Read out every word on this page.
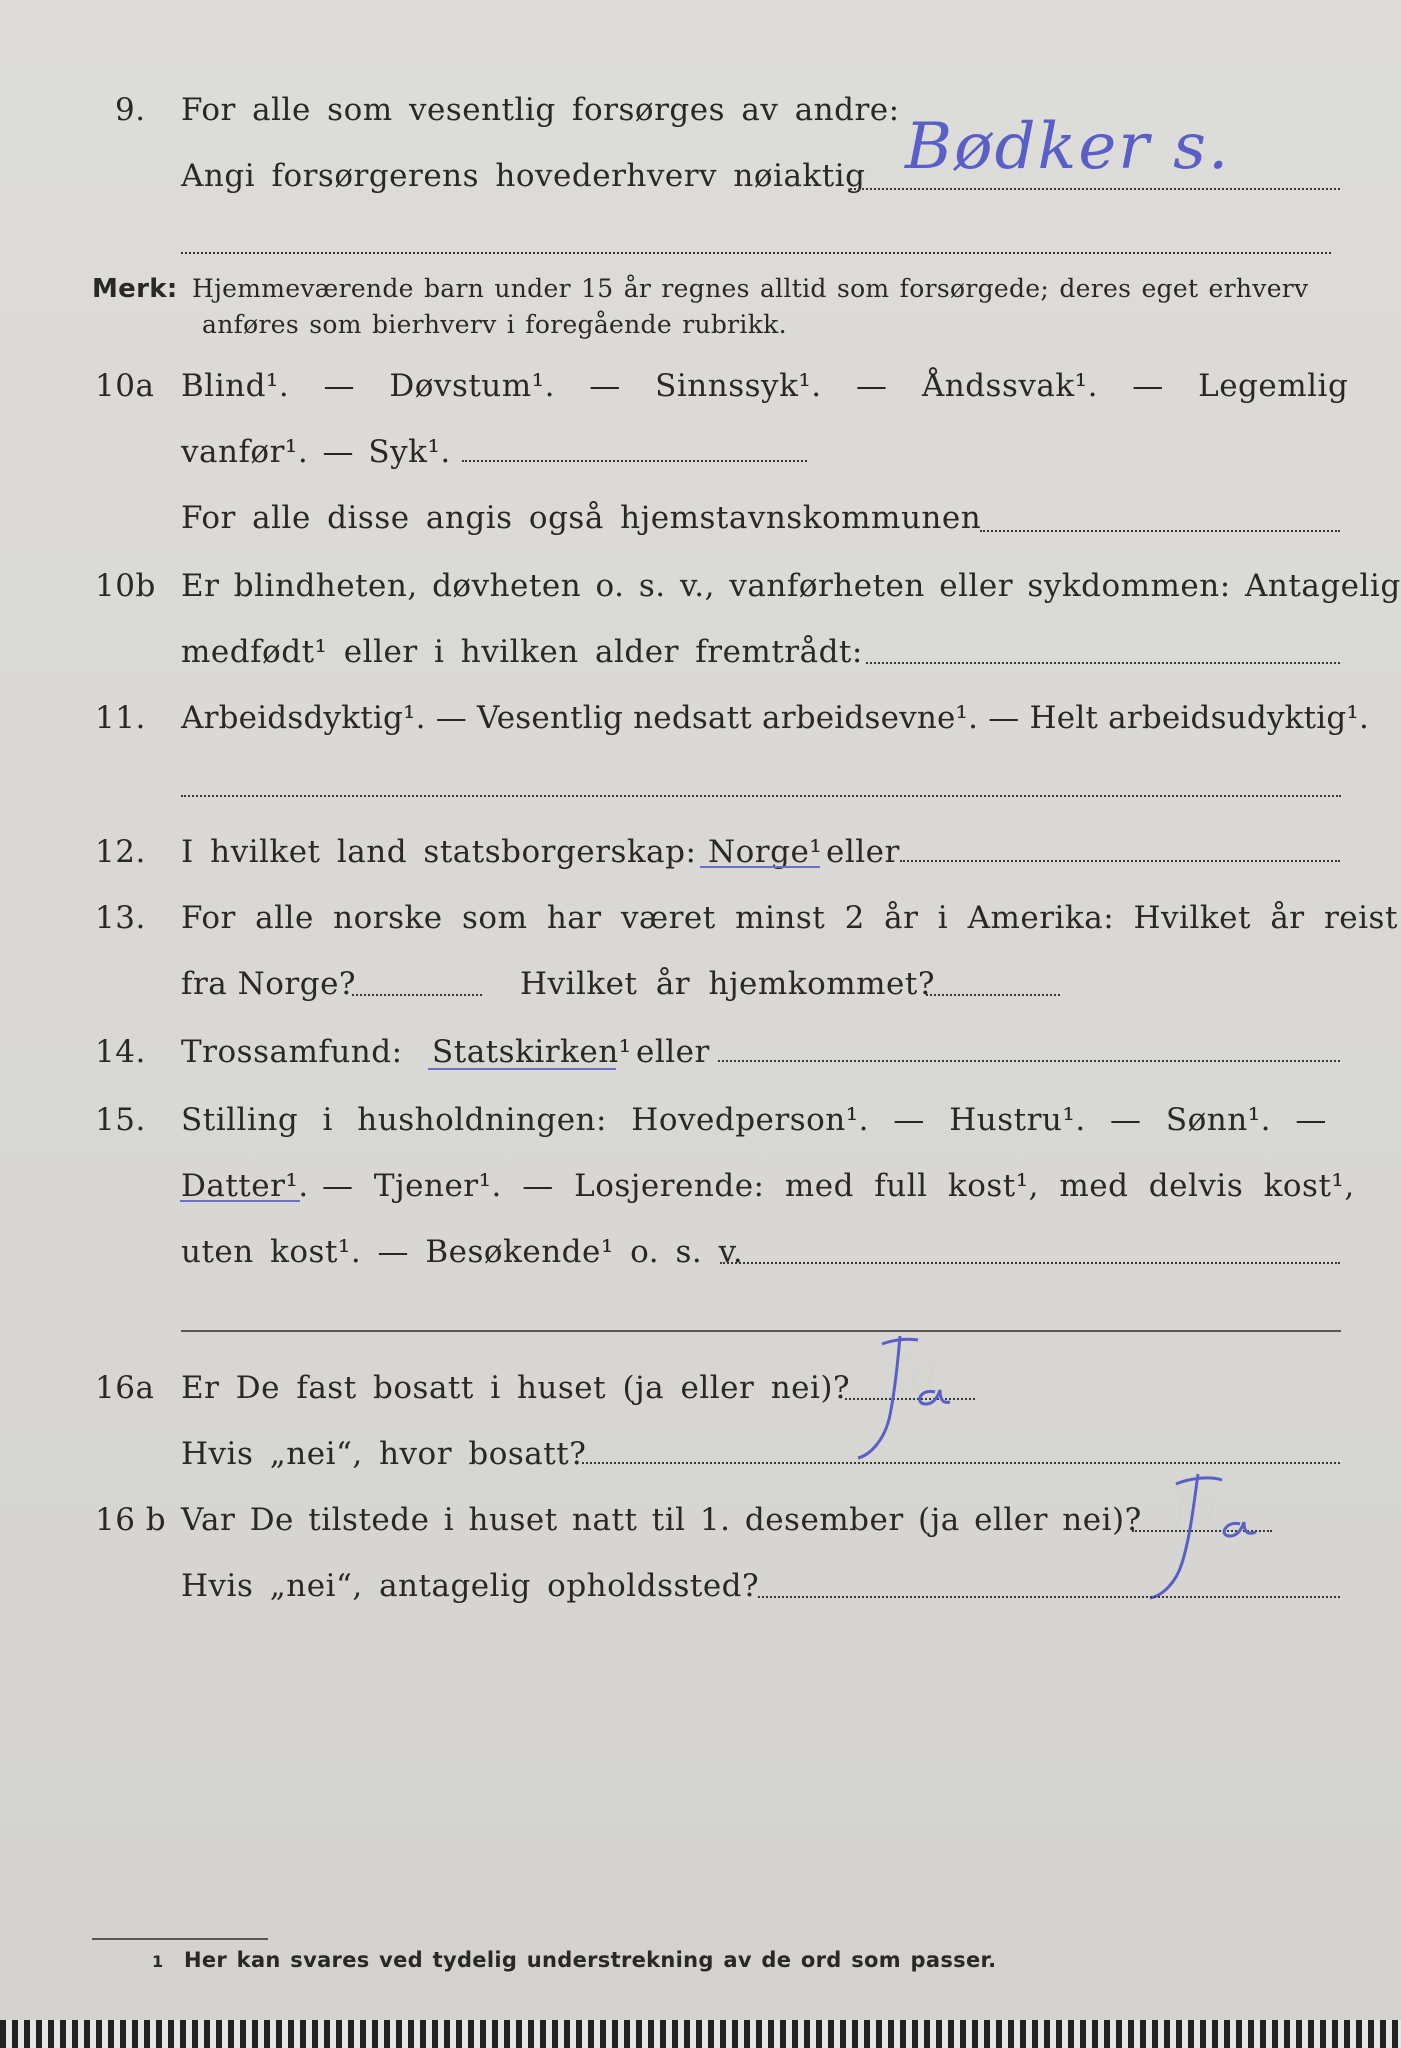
9. For alle som vesentlig forsørges av andre:
Angi forsørgerens hovederhverv nøiaktig Bødker s.
Merk: Hjemmeværende barn under 15 år regnes alltid som forsørgede; deres eget erhverv
anføres som bierhverv i foregående rubrikk.
10a Blind¹. — Døvstum¹. — Sinnssyk¹. — Åndssvak¹. — Legemlig
vanfør¹. — Syk¹.
For alle disse angis også hjemstavnskommunen
10b Er blindheten, døvheten o. s. v., vanførheten eller sykdommen: Antagelig
medfødt¹ eller i hvilken alder fremtrådt:
11. Arbeidsdyktig¹. — Vesentlig nedsatt arbeidsevne¹. — Helt arbeidsudyktig¹.
12. I hvilket land statsborgerskap: Norge¹ eller
13. For alle norske som har været minst 2 år i Amerika: Hvilket år reist
fra Norge?	Hvilket år hjemkommet?
14. Trossamfund: Statskirken¹ eller
15. Stilling i husholdningen: Hovedperson¹. — Hustru¹. — Sønn¹. —
Datter¹. — Tjener¹. — Losjerende: med full kost¹, med delvis kost¹,
uten kost¹. — Besøkende¹ o. s. v.
16a Er De fast bosatt i huset (ja eller nei)?
Hvis „nei“, hvor bosatt?
16 b Var De tilstede i huset natt til 1. desember (ja eller nei)?
Hvis „nei“, antagelig opholdssted?
1 Her kan svares ved tydelig understrekning av de ord som passer.
